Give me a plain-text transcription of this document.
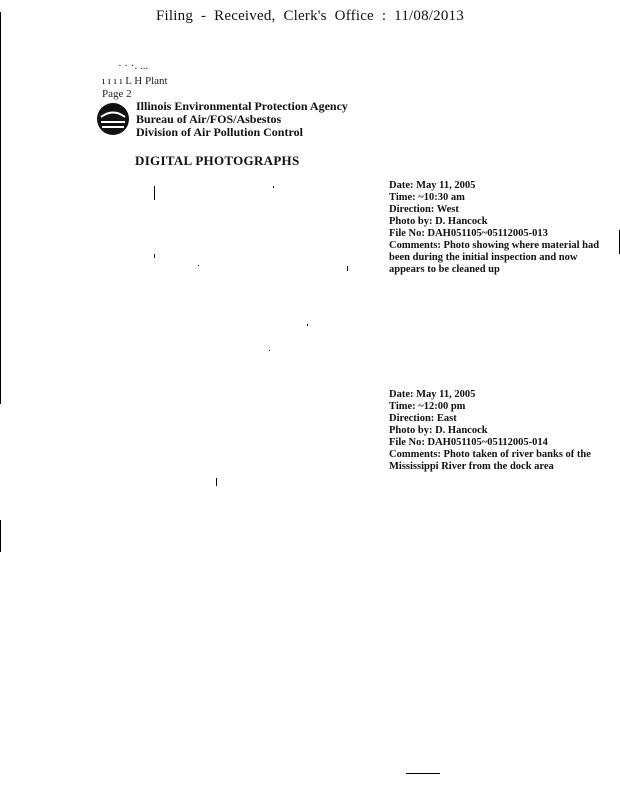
Filing - Received, Clerk's Office : 11/08/2013
· · ·. ...
ı ı ı ı L H Plant
Page 2
Illinois Environmental Protection Agency
Bureau of Air/FOS/Asbestos
Division of Air Pollution Control
DIGITAL PHOTOGRAPHS
Date: May 11, 2005
Time: ~10:30 am
Direction: West
Photo by: D. Hancock
File No: DAH051105~05112005-013
Comments: Photo showing where material had been during the initial inspection and now appears to be cleaned up
Date: May 11, 2005
Time: ~12:00 pm
Direction: East
Photo by: D. Hancock
File No: DAH051105~05112005-014
Comments: Photo taken of river banks of the Mississippi River from the dock area
